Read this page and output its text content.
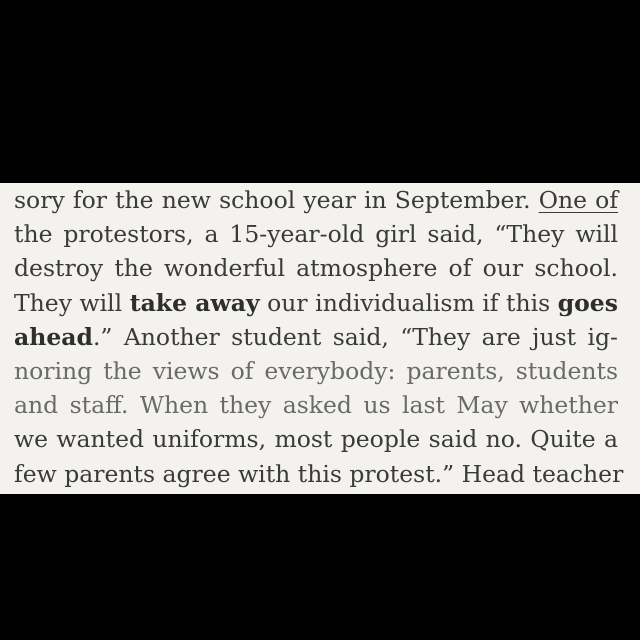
sory for the new school year in September. One of
the protestors, a 15-year-old girl said, “They will
destroy the wonderful atmosphere of our school.
They will take away our individualism if this goes
ahead.” Another student said, “They are just ig-
noring the views of everybody: parents, students
and staff. When they asked us last May whether
we wanted uniforms, most people said no. Quite a
few parents agree with this protest.” Head teacher
